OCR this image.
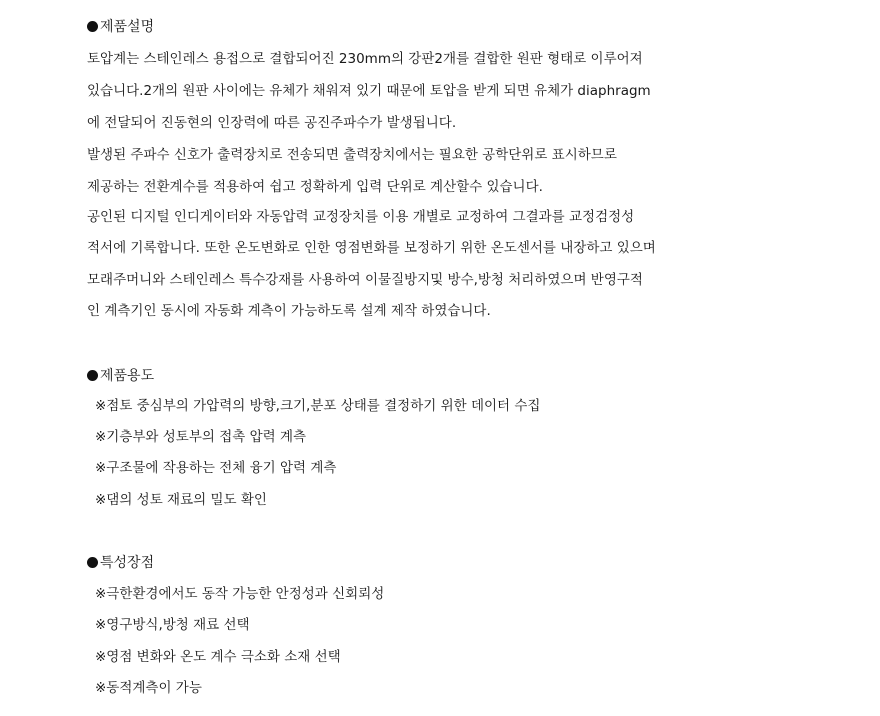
제품설명
토압계는 스테인레스 용접으로 결합되어진 230mm의 강판2개를 결합한 원판 형태로 이루어져
있습니다.2개의 원판 사이에는 유체가 채워져 있기 때문에 토압을 받게 되면 유체가 diaphragm
에 전달되어 진동현의 인장력에 따른 공진주파수가 발생됩니다.
발생된 주파수 신호가 출력장치로 전송되면 출력장치에서는 필요한 공학단위로 표시하므로
제공하는 전환계수를 적용하여 쉽고 정확하게 입력 단위로 계산할수 있습니다.
공인된 디지털 인디게이터와 자동압력 교정장치를 이용 개별로 교정하여 그결과를 교정검정성
적서에 기록합니다. 또한 온도변화로 인한 영점변화를 보정하기 위한 온도센서를 내장하고 있으며
모래주머니와 스테인레스 특수강재를 사용하여 이물질방지및 방수,방청 처리하였으며 반영구적
인 계측기인 동시에 자동화 계측이 가능하도록 설계 제작 하였습니다.
제품용도
※점토 중심부의 가압력의 방향,크기,분포 상태를 결정하기 위한 데이터 수집
※기층부와 성토부의 접촉 압력 계측
※구조물에 작용하는 전체 융기 압력 계측
※댐의 성토 재료의 밀도 확인
특성장점
※극한환경에서도 동작 가능한 안정성과 신회뢰성
※영구방식,방청 재료 선택
※영점 변화와 온도 계수 극소화 소재 선택
※동적계측이 가능
